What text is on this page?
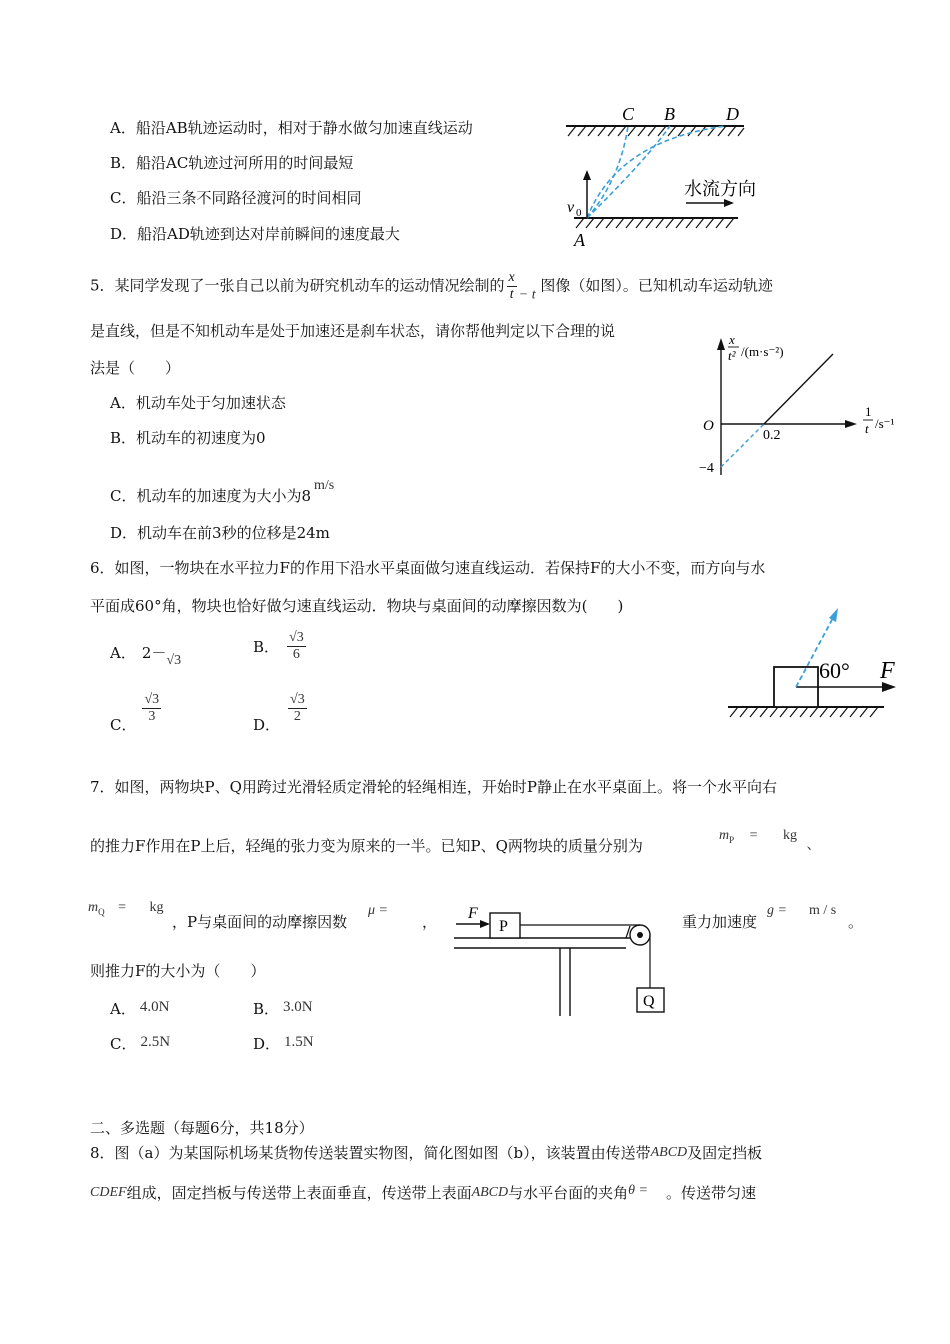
A．船沿AB轨迹运动时，相对于静水做匀加速直线运动
B．船沿AC轨迹过河所用的时间最短
C．船沿三条不同路径渡河的时间相同
D．船沿AD轨迹到达对岸前瞬间的速度最大
C B	D
A
v 0
水流方向
5．某同学发现了一张自己以前为研究机动车的运动情况绘制的 $\frac{x}{t} - t$ 图像（如图）。已知机动车运动轨迹
是直线，但是不知机动车是处于加速还是刹车状态，请你帮他判定以下合理的说
法是（　　）
A．机动车处于匀加速状态
B．机动车的初速度为0
C．机动车的加速度为大小为8m/s
D．机动车在前3秒的位移是24m
x
t² /(m·s⁻²)
O
0.2
−4
1
t /s⁻¹
6．如图，一物块在水平拉力F的作用下沿水平桌面做匀速直线运动．若保持F的大小不变，而方向与水
平面成60°角，物块也恰好做匀速直线运动．物块与桌面间的动摩擦因数为(　　)
A． 2－√3
B． $\frac{√3}{6}$
C． $\frac{√3}{3}$	D． $\frac{√3}{2}$
60° F
7．如图，两物块P、Q用跨过光滑轻质定滑轮的轻绳相连，开始时P静止在水平桌面上。将一个水平向右
的推力F作用在P上后，轻绳的张力变为原来的一半。已知P、Q两物块的质量分别为
$m_P$ = kg 、
$m_Q$ = kg
，P与桌面间的动摩擦因数
μ =
，	重力加速度
g = m / s
。
则推力F的大小为（　　）
A． 4.0N	B． 3.0N
C． 2.5N	D． 1.5N
P
Q
F
二、多选题（每题6分，共18分）
8．图（a）为某国际机场某货物传送装置实物图，简化图如图（b），该装置由传送带ABCD及固定挡板
CDEF组成，固定挡板与传送带上表面垂直，传送带上表面ABCD与水平台面的夹角θ = 。传送带匀速
